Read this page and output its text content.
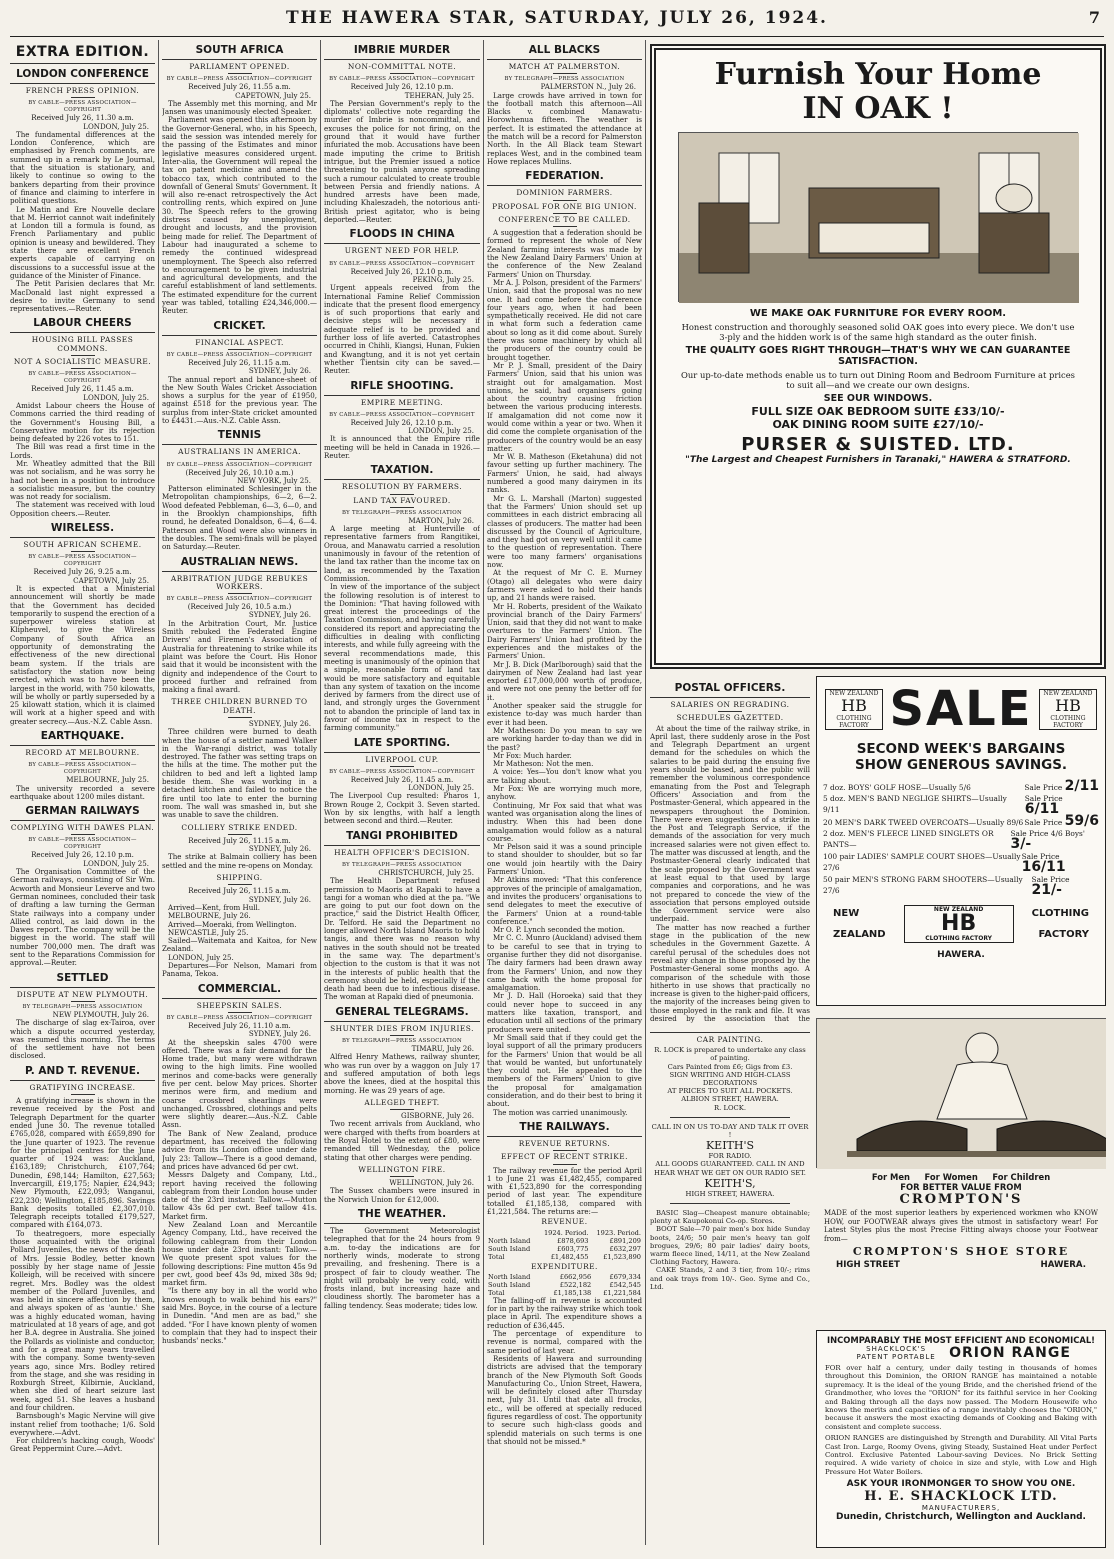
THE HAWERA STAR, SATURDAY, JULY 26, 1924.	7
EXTRA EDITION.
LONDON CONFERENCE
FRENCH PRESS OPINION.
BY CABLE—PRESS ASSOCIATION—COPYRIGHT
Received July 26, 11.30 a.m.
LONDON, July 25.
The fundamental differences at the London Conference, which are emphasised by French comments, are summed up in a remark by Le Journal, that the situation is stationary, and likely to continue so owing to the bankers departing from their province of finance and claiming to interfere in political questions.
Le Matin and Ere Nouvelle declare that M. Herriot cannot wait indefinitely at London till a formula is found, as French Parliamentary and public opinion is uneasy and bewildered. They state there are excellent French experts capable of carrying on discussions to a successful issue at the guidance of the Minister of Finance.
The Petit Parisien declares that Mr. MacDonald last night expressed a desire to invite Germany to send representatives.—Reuter.
LABOUR CHEERS
HOUSING BILL PASSES COMMONS.
NOT A SOCIALISTIC MEASURE.
BY CABLE—PRESS ASSOCIATION—COPYRIGHT
Received July 26, 11.45 a.m.
LONDON, July 25.
Amidst Labour cheers the House of Commons carried the third reading of the Government's Housing Bill, a Conservative motion for its rejection being defeated by 226 votes to 151.
The Bill was read a first time in the Lords.
Mr. Wheatley admitted that the Bill was not socialism, and he was sorry he had not been in a position to introduce a socialistic measure, but the country was not ready for socialism.
The statement was received with loud Opposition cheers.—Reuter.
WIRELESS.
SOUTH AFRICAN SCHEME.
BY CABLE—PRESS ASSOCIATION—COPYRIGHT
Received July 26, 9.25 a.m.
CAPETOWN, July 25.
It is expected that a Ministerial announcement will shortly be made that the Government has decided temporarily to suspend the erection of a superpower wireless station at Klipheuvel, to give the Wireless Company of South Africa an opportunity of demonstrating the effectiveness of the new directional beam system. If the trials are satisfactory the station now being erected, which was to have been the largest in the world, with 750 kilowatts, will be wholly or partly superseded by a 25 kilowatt station, which it is claimed will work at a higher speed and with greater secrecy.—Aus.-N.Z. Cable Assn.
EARTHQUAKE.
RECORD AT MELBOURNE.
BY CABLE—PRESS ASSOCIATION—COPYRIGHT
MELBOURNE, July 25.
The university recorded a severe earthquake about 1200 miles distant.
GERMAN RAILWAYS
COMPLYING WITH DAWES PLAN.
BY CABLE—PRESS ASSOCIATION—COPYRIGHT
Received July 26, 12.10 p.m.
LONDON, July 25.
The Organisation Committee of the German railways, consisting of Sir Wm. Acworth and Monsieur Leverve and two German nominees, concluded their task of drafting a law turning the German State railways into a company under Allied control, as laid down in the Dawes report. The company will be the biggest in the world. The staff will number 700,000 men. The draft was sent to the Reparations Commission for approval.—Reuter.
SETTLED
DISPUTE AT NEW PLYMOUTH.
BY TELEGRAPH—PRESS ASSOCIATION
NEW PLYMOUTH, July 26.
The discharge of slag ex-Tairoa, over which a dispute occurred yesterday, was resumed this morning. The terms of the settlement have not been disclosed.
P. AND T. REVENUE.
GRATIFYING INCREASE.
A gratifying increase is shown in the revenue received by the Post and Telegraph Department for the quarter ended June 30. The revenue totalled £765,028, compared with £659,890 for the June quarter of 1923. The revenue for the principal centres for the June quarter of 1924 was: Auckland, £163,189; Christchurch, £107,764; Dunedin, £98,144; Hamilton, £27,563; Invercargill, £19,175; Napier, £24,943; New Plymouth, £22,093; Wanganui, £22,230; Wellington, £185,896. Savings Bank deposits totalled £2,307,010. Telegraph receipts totalled £179,527, compared with £164,073.
To theatregoers, more especially those acquainted with the original Pollard Juveniles, the news of the death of Mrs. Jessie Bodley, better known possibly by her stage name of Jessie Kolleigh, will be received with sincere regret. Mrs. Bodley was the oldest member of the Pollard Juveniles, and was held in sincere affection by them, and always spoken of as 'auntie.' She was a highly educated woman, having matriculated at 18 years of age, and got her B.A. degree in Australia. She joined the Pollards as violiniste and conductor, and for a great many years travelled with the company. Some twenty-seven years ago, since Mrs. Bodley retired from the stage, and she was residing in Roxburgh Street, Kilbirnie, Auckland, when she died of heart seizure last week, aged 51. She leaves a husband and four children.
Barnsbough's Magic Nervine will give instant relief from toothache; 1/6. Sold everywhere.—Advt.
For children's hacking cough, Woods' Great Peppermint Cure.—Advt.
SOUTH AFRICA
PARLIAMENT OPENED.
BY CABLE—PRESS ASSOCIATION—COPYRIGHT
Received July 26, 11.55 a.m.
CAPETOWN, July 25.
The Assembly met this morning, and Mr Jansen was unanimously elected Speaker.
Parliament was opened this afternoon by the Governor-General, who, in his Speech, said the session was intended merely for the passing of the Estimates and minor legislative measures considered urgent. Inter-alia, the Government will repeal the tax on patent medicine and amend the tobacco tax, which contributed to the downfall of General Smuts' Government. It will also re-enact retrospectively the Act controlling rents, which expired on June 30. The Speech refers to the growing distress caused by unemployment, drought and locusts, and the provision being made for relief. The Department of Labour had inaugurated a scheme to remedy the continued widespread unemployment. The Speech also referred to encouragement to be given industrial and agricultural developments, and the careful establishment of land settlements. The estimated expenditure for the current year was tabled, totalling £24,346,000.—Reuter.
CRICKET.
FINANCIAL ASPECT.
BY CABLE—PRESS ASSOCIATION—COPYRIGHT
Received July 26, 11.15 a.m.
SYDNEY, July 26.
The annual report and balance-sheet of the New South Wales Cricket Association shows a surplus for the year of £1950, against £518 for the previous year. The surplus from inter-State cricket amounted to £4431.—Aus.-N.Z. Cable Assn.
TENNIS
AUSTRALIANS IN AMERICA.
BY CABLE—PRESS ASSOCIATION—COPYRIGHT
(Received July 26, 10.10 a.m.)
NEW YORK, July 25.
Patterson eliminated Schlesinger in the Metropolitan championships, 6—2, 6—2. Wood defeated Pebbleman, 6—3, 6—0, and in the Brooklyn championships, fifth round, he defeated Donaldson, 6—4, 6—4. Patterson and Wood were also winners in the doubles. The semi-finals will be played on Saturday.—Reuter.
AUSTRALIAN NEWS.
ARBITRATION JUDGE REBUKES WORKERS.
BY CABLE—PRESS ASSOCIATION—COPYRIGHT
(Received July 26, 10.5 a.m.)
SYDNEY, July 26.
In the Arbitration Court, Mr. Justice Smith rebuked the Federated Engine Drivers' and Firemen's Association of Australia for threatening to strike while its plaint was before the Court. His Honor said that it would be inconsistent with the dignity and independence of the Court to proceed further and refrained from making a final award.
THREE CHILDREN BURNED TO DEATH.
SYDNEY, July 26.
Three children were burned to death when the house of a settler named Walker in the War-rangi district, was totally destroyed. The father was setting traps on the hills at the time. The mother put the children to bed and left a lighted lamp beside them. She was working in a detached kitchen and failed to notice the fire until too late to enter the burning room. The wall was smashed in, but she was unable to save the children.
COLLIERY STRIKE ENDED.
Received July 26, 11.15 a.m.
SYDNEY, July 26.
The strike at Balmain colliery has been settled and the mine re-opens on Monday.
SHIPPING.
Received July 26, 11.15 a.m.
SYDNEY, July 26.
Arrived—Kent, from Hull.
MELBOURNE, July 26.
Arrived—Moeraki, from Wellington.
NEWCASTLE, July 25.
Sailed—Waitemata and Kaitoa, for New Zealand.
LONDON, July 25.
Departures—For Nelson, Mamari from Panama, Tekoa.
COMMERCIAL.
SHEEPSKIN SALES.
BY CABLE—PRESS ASSOCIATION—COPYRIGHT
Received July 26, 11.10 a.m.
SYDNEY, July 26.
At the sheepskin sales 4700 were offered. There was a fair demand for the Home trade, but many were withdrawn owing to the high limits. Fine woolled merinos and come-backs were generally five per cent. below May prices. Shorter merinos were firm, and medium and coarse crossbred shearlings were unchanged. Crossbred, clothings and pelts were slightly dearer.—Aus.-N.Z. Cable Assn.
The Bank of New Zealand, produce department, has received the following advice from its London office under date July 23: Tallow—There is a good demand, and prices have advanced 6d per cwt.
Messrs Dalgety and Company, Ltd., report having received the following cablegram from their London house under date of the 23rd instant: Tallow.—Mutton tallow 43s 6d per cwt. Beef tallow 41s. Market firm.
New Zealand Loan and Mercantile Agency Company, Ltd., have received the following cablegram from their London house under date 23rd instant: Tallow.—We quote present spot values for the following descriptions: Fine mutton 45s 9d per cwt, good beef 43s 9d, mixed 38s 9d; market firm.
"Is there any boy in all the world who knows enough to walk behind his ears?" said Mrs. Boyce, in the course of a lecture in Dunedin. "And men are as bad," she added. "For I have known plenty of women to complain that they had to inspect their husbands' necks."
IMBRIE MURDER
NON-COMMITTAL NOTE.
BY CABLE—PRESS ASSOCIATION—COPYRIGHT
Received July 26, 12.10 p.m.
TEHERAN, July 25.
The Persian Government's reply to the diplomats' collective note regarding the murder of Imbrie is noncommittal, and excuses the police for not firing, on the ground that it would have further infuriated the mob. Accusations have been made imputing the crime to British intrigue, but the Premier issued a notice threatening to punish anyone spreading such a rumour calculated to create trouble between Persia and friendly nations. A hundred arrests have been made, including Khaleszadeh, the notorious anti-British priest agitator, who is being deported.—Reuter.
FLOODS IN CHINA
URGENT NEED FOR HELP.
BY CABLE—PRESS ASSOCIATION—COPYRIGHT
Received July 26, 12.10 p.m.
PEKING, July 25.
Urgent appeals received from the International Famine Relief Commission indicate that the present flood emergency is of such proportions that early and decisive steps will be necessary if adequate relief is to be provided and further loss of life averted. Catastrophes occurred in Chihli, Kiangsi, Hunan, Fukien and Kwangtung, and it is not yet certain whether Tientsin city can be saved.—Reuter.
RIFLE SHOOTING.
EMPIRE MEETING.
BY CABLE—PRESS ASSOCIATION—COPYRIGHT
Received July 26, 12.10 p.m.
LONDON, July 25.
It is announced that the Empire rifle meeting will be held in Canada in 1926.—Reuter.
TAXATION.
RESOLUTION BY FARMERS.
LAND TAX FAVOURED.
BY TELEGRAPH—PRESS ASSOCIATION
MARTON, July 26.
A large meeting at Hunterville of representative farmers from Rangitikei, Oroua, and Manawatu carried a resolution unanimously in favour of the retention of the land tax rather than the income tax on land, as recommended by the Taxation Commission.
In view of the importance of the subject the following resolution is of interest to the Dominion: "That having followed with great interest the proceedings of the Taxation Commission, and having carefully considered its report and appreciating the difficulties in dealing with conflicting interests, and while fully agreeing with the several recommendations made, this meeting is unanimously of the opinion that a simple, reasonable form of land tax would be more satisfactory and equitable than any system of taxation on the income derived by farmers from the direct use of land, and strongly urges the Government not to abandon the principle of land tax in favour of income tax in respect to the farming community."
LATE SPORTING.
LIVERPOOL CUP.
BY CABLE—PRESS ASSOCIATION—COPYRIGHT
Received July 26, 11.45 a.m.
LONDON, July 25.
The Liverpool Cup resulted: Pharos 1, Brown Rouge 2, Cockpit 3. Seven started. Won by six lengths, with half a length between second and third.—Reuter.
TANGI PROHIBITED
HEALTH OFFICER'S DECISION.
BY TELEGRAPH—PRESS ASSOCIATION
CHRISTCHURCH, July 25.
The Health Department refused permission to Maoris at Rapaki to have a tangi for a woman who died at the pa. "We are going to put our foot down on the practice," said the District Health Officer, Dr. Telford. He said the Department no longer allowed North Island Maoris to hold tangis, and there was no reason why natives in the south should not be treated in the same way. The department's objection to the custom is that it was not in the interests of public health that the ceremony should be held, especially if the death had been due to infectious disease. The woman at Rapaki died of pneumonia.
GENERAL TELEGRAMS.
SHUNTER DIES FROM INJURIES.
BY TELEGRAPH—PRESS ASSOCIATION
TIMARU, July 26.
Alfred Henry Mathews, railway shunter, who was run over by a waggon on July 17 and suffered amputation of both legs above the knees, died at the hospital this morning. He was 29 years of age.
ALLEGED THEFT.
GISBORNE, July 26.
Two recent arrivals from Auckland, who were charged with thefts from boarders at the Royal Hotel to the extent of £80, were remanded till Wednesday, the police stating that other charges were pending.
WELLINGTON FIRE.
WELLINGTON, July 26.
The Sussex chambers were insured in the Norwich Union for £12,000.
THE WEATHER.
The Government Meteorologist telegraphed that for the 24 hours from 9 a.m. to-day the indications are for northerly winds, moderate to strong prevailing, and freshening. There is a prospect of fair to cloudy weather. The night will probably be very cold, with frosts inland, but increasing haze and cloudiness shortly. The barometer has a falling tendency. Seas moderate; tides low.
ALL BLACKS
MATCH AT PALMERSTON.
BY TELEGRAPH—PRESS ASSOCIATION
PALMERSTON N., July 26.
Large crowds have arrived in town for the football match this afternoon—All Blacks v. combined Manawatu-Horowhenua fifteen. The weather is perfect. It is estimated the attendance at the match will be a record for Palmerston North. In the All Black team Stewart replaces West, and in the combined team Howe replaces Mullins.
FEDERATION.
DOMINION FARMERS.
PROPOSAL FOR ONE BIG UNION.
CONFERENCE TO BE CALLED.
A suggestion that a federation should be formed to represent the whole of New Zealand farming interests was made by the New Zealand Dairy Farmers' Union at the conference of the New Zealand Farmers' Union on Thursday.
Mr A. J. Polson, president of the Farmers' Union, said that the proposal was no new one. It had come before the conference four years ago, when it had been sympathetically received. He did not care in what form such a federation came about so long as it did come about. Surely there was some machinery by which all the producers of the country could be brought together.
Mr P. J. Small, president of the Dairy Farmers' Union, said that his union was straight out for amalgamation. Most unions, he said, had organisers going about the country causing friction between the various producing interests. If amalgamation did not come now it would come within a year or two. When it did come the complete organisation of the producers of the country would be an easy matter.
Mr W. B. Matheson (Eketahuna) did not favour setting up further machinery. The Farmers' Union, he said, had always numbered a good many dairymen in its ranks.
Mr G. L. Marshall (Marton) suggested that the Farmers' Union should set up committees in each district embracing all classes of producers. The matter had been discussed by the Council of Agriculture, and they had got on very well until it came to the question of representation. There were too many farmers' organisations now.
At the request of Mr C. E. Murney (Otago) all delegates who were dairy farmers were asked to hold their hands up, and 21 hands were raised.
Mr H. Roberts, president of the Waikato provincial branch of the Dairy Farmers' Union, said that they did not want to make overtures to the Farmers' Union. The Dairy Farmers' Union had profited by the experiences and the mistakes of the Farmers' Union.
Mr J. B. Dick (Marlborough) said that the dairymen of New Zealand had last year exported £17,000,000 worth of produce, and were not one penny the better off for it.
Another speaker said the struggle for existence to-day was much harder than ever it had been.
Mr Matheson: Do you mean to say we are working harder to-day than we did in the past?
Mr Fox: Much harder.
Mr Matheson: Not the men.
A voice: Yes—You don't know what you are talking about.
Mr Fox: We are worrying much more, anyhow.
Continuing, Mr Fox said that what was wanted was organisation along the lines of industry. When this had been done amalgamation would follow as a natural course.
Mr Pelson said it was a sound principle to stand shoulder to shoulder, but so far one would join heartily with the Dairy Farmers' Union.
Mr Atkins moved: "That this conference approves of the principle of amalgamation, and invites the producers' organisations to send delegates to meet the executive of the Farmers' Union at a round-table conference."
Mr O. P. Lynch seconded the motion.
Mr C. C. Munro (Auckland) advised them to be careful to see that in trying to organise further they did not disorganise. The dairy farmers had been drawn away from the Farmers' Union, and now they came back with the home proposal for amalgamation.
Mr J. D. Hall (Horoeka) said that they could never hope to succeed in any matters like taxation, transport, and education until all sections of the primary producers were united.
Mr Small said that if they could get the loyal support of all the primary producers for the Farmers' Union that would be all that would be wanted, but unfortunately they could not. He appealed to the members of the Farmers' Union to give the proposal for amalgamation consideration, and do their best to bring it about.
The motion was carried unanimously.
THE RAILWAYS.
REVENUE RETURNS.
EFFECT OF RECENT STRIKE.
The railway revenue for the period April 1 to June 21 was £1,482,455, compared with £1,523,890 for the corresponding period of last year. The expenditure totalled £1,185,138, compared with £1,221,584. The returns are:—
REVENUE.
	1924. Period.	1923. Period.
North Island	£878,693	£891,209
South Island	£603,775	£632,297
Total	£1,482,455	£1,523,890
EXPENDITURE.
North Island	£662,956	£679,334
South Island	£522,182	£542,545
Total	£1,185,138	£1,221,584
The falling-off in revenue is accounted for in part by the railway strike which took place in April. The expenditure shows a reduction of £36,445.
The percentage of expenditure to revenue is normal, compared with the same period of last year.
Residents of Hawera and surrounding districts are advised that the temporary branch of the New Plymouth Soft Goods Manufacturing Co., Union Street, Hawera, will be definitely closed after Thursday next, July 31. Until that date all frocks, etc., will be offered at specially reduced figures regardless of cost. The opportunity to secure such high-class goods and splendid materials on such terms is one that should not be missed.*
Furnish Your Home
IN OAK !
WE MAKE OAK FURNITURE FOR EVERY ROOM.
Honest construction and thoroughly seasoned solid OAK goes into every piece. We don't use 3-ply and the hidden work is of the same high standard as the outer finish.
THE QUALITY GOES RIGHT THROUGH—THAT'S WHY WE CAN GUARANTEE SATISFACTION.
Our up-to-date methods enable us to turn out Dining Room and Bedroom Furniture at prices to suit all—and we create our own designs.
SEE OUR WINDOWS.
FULL SIZE OAK BEDROOM SUITE £33/10/-
OAK DINING ROOM SUITE £27/10/-
PURSER & SUISTED. LTD.
"The Largest and Cheapest Furnishers in Taranaki," HAWERA & STRATFORD.
POSTAL OFFICERS.
SALARIES ON REGRADING.
SCHEDULES GAZETTED.
At about the time of the railway strike, in April last, there suddenly arose in the Post and Telegraph Department an urgent demand for the schedules on which the salaries to be paid during the ensuing five years should be based, and the public will remember the voluminous correspondence emanating from the Post and Telegraph Officers' Association and from the Postmaster-General, which appeared in the newspapers throughout the Dominion. There were even suggestions of a strike in the Post and Telegraph Service, if the demands of the association for very much increased salaries were not given effect to. The matter was discussed at length, and the Postmaster-General clearly indicated that the scale proposed by the Government was at least equal to that used by large companies and corporations, and he was not prepared to concede the view of the association that persons employed outside the Government service were also underpaid.
The matter has now reached a further stage in the publication of the new schedules in the Government Gazette. A careful perusal of the schedules does not reveal any change in those proposed by the Postmaster-General some months ago. A comparison of the schedule with those hitherto in use shows that practically no increase is given to the higher-paid officers, the majority of the increases being given to those employed in the rank and file. It was desired by the association that the
CAR PAINTING.
R. LOCK is prepared to undertake any class of painting.
Cars Painted from £6; Gigs from £3.
SIGN WRITING AND HIGH-CLASS DECORATIONS
AT PRICES TO SUIT ALL POCKETS.
ALBION STREET, HAWERA.
R. LOCK.
CALL IN ON US TO-DAY AND TALK IT OVER !
KEITH'S
FOR RADIO.
ALL GOODS GUARANTEED. CALL IN AND HEAR WHAT WE GET ON OUR RADIO SET.
KEITH'S,
HIGH STREET, HAWERA.
BASIC Slag—Cheapest manure obtainable; plenty at Kaupokonui Co-op. Stores.
BOOT Sale—70 pair men's box hide Sunday boots, 24/6; 50 pair men's heavy tan golf brogues, 29/6; 80 pair ladies' dairy boots, warm fleece lined, 14/11, at the New Zealand Clothing Factory, Hawera.
CAKE Stands, 2 and 3 tier, from 10/-; rims and oak trays from 10/-. Geo. Syme and Co., Ltd.
NEW ZEALAND
HB
CLOTHING FACTORY SALE	NEW ZEALAND
HB
CLOTHING FACTORY
SECOND WEEK'S BARGAINS
SHOW GENEROUS SAVINGS.
7 doz. BOYS' GOLF HOSE—Usually 5/6	Sale Price 2/11
5 doz. MEN'S BAND NEGLIGE SHIRTS—Usually 9/11
Sale Price 6/11
20 MEN'S DARK TWEED OVERCOATS—Usually 89/6 Sale Price 59/6
2 doz. MEN'S FLEECE LINED SINGLETS OR PANTS—
Sale Price 4/6 Boys' 3/-
100 pair LADIES' SAMPLE COURT SHOES—Usually 27/6
Sale Price 16/11
50 pair MEN'S STRONG FARM SHOOTERS—Usually 27/6
Sale Price 21/-
NEW
ZEALAND
NEW ZEALAND
HB
CLOTHING FACTORY
CLOTHING
FACTORY
HAWERA.
For Men     For Women     For Children
FOR BETTER VALUE FROM
CROMPTON'S
MADE of the most superior leathers by experienced workmen who KNOW HOW, our FOOTWEAR always gives the utmost in satisfactory wear! For Latest Styles plus the most Precise Fitting always choose your Footwear from—
CROMPTON'S SHOE STORE
HIGH STREET	HAWERA.
INCOMPARABLY THE MOST EFFICIENT AND ECONOMICAL!
SHACKLOCK'S PATENT PORTABLE ORION RANGE
FOR over half a century, under daily testing in thousands of homes throughout this Dominion, the ORION RANGE has maintained a notable supremacy. It is the ideal of the young Bride, and the cherished friend of the Grandmother, who loves the "ORION" for its faithful service in her Cooking and Baking through all the days now passed. The Modern Housewife who knows the merits and capacities of a range inevitably chooses the "ORION," because it answers the most exacting demands of Cooking and Baking with consistent and complete success.
ORION RANGES are distinguished by Strength and Durability. All Vital Parts Cast Iron. Large, Roomy Ovens, giving Steady, Sustained Heat under Perfect Control. Exclusive Patented Labour-saving Devices. No Brick Setting required. A wide variety of choice in size and style, with Low and High Pressure Hot Water Boilers.
ASK YOUR IRONMONGER TO SHOW YOU ONE.
H. E. SHACKLOCK LTD.
MANUFACTURERS,
Dunedin, Christchurch, Wellington and Auckland.
